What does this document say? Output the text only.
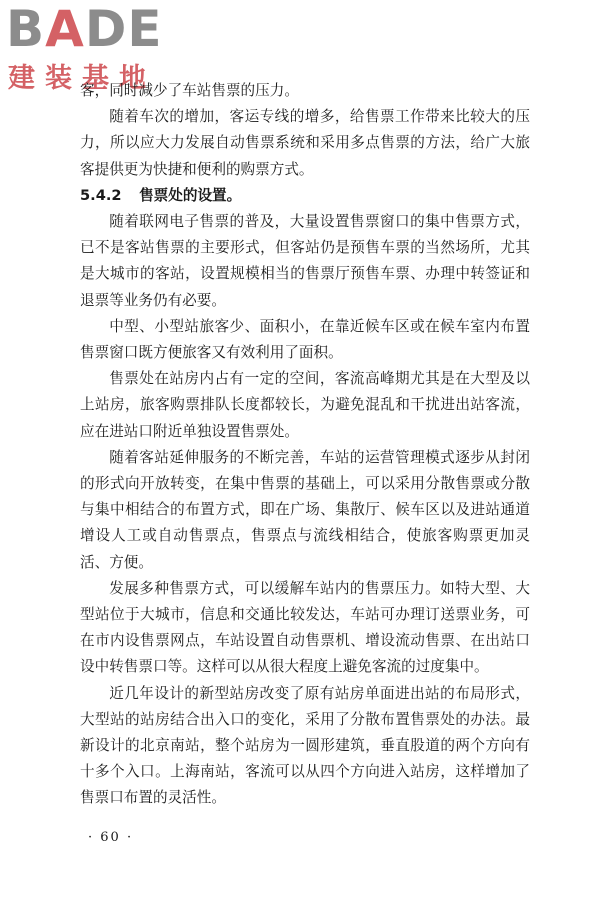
BADE
建装基地

客，同时减少了车站售票的压力。

随着车次的增加，客运专线的增多，给售票工作带来比较大的压力，所以应大力发展自动售票系统和采用多点售票的方法，给广大旅客提供更为快捷和便利的购票方式。

5.4.2 售票处的设置。

随着联网电子售票的普及，大量设置售票窗口的集中售票方式，已不是客站售票的主要形式，但客站仍是预售车票的当然场所，尤其是大城市的客站，设置规模相当的售票厅预售车票、办理中转签证和退票等业务仍有必要。

中型、小型站旅客少、面积小，在靠近候车区或在候车室内布置售票窗口既方便旅客又有效利用了面积。

售票处在站房内占有一定的空间，客流高峰期尤其是在大型及以上站房，旅客购票排队长度都较长，为避免混乱和干扰进出站客流，应在进站口附近单独设置售票处。

随着客站延伸服务的不断完善，车站的运营管理模式逐步从封闭的形式向开放转变，在集中售票的基础上，可以采用分散售票或分散与集中相结合的布置方式，即在广场、集散厅、候车区以及进站通道增设人工或自动售票点，售票点与流线相结合，使旅客购票更加灵活、方便。

发展多种售票方式，可以缓解车站内的售票压力。如特大型、大型站位于大城市，信息和交通比较发达，车站可办理订送票业务，可在市内设售票网点，车站设置自动售票机、增设流动售票、在出站口设中转售票口等。这样可以从很大程度上避免客流的过度集中。

近几年设计的新型站房改变了原有站房单面进出站的布局形式，大型站的站房结合出入口的变化，采用了分散布置售票处的办法。最新设计的北京南站，整个站房为一圆形建筑，垂直股道的两个方向有十多个入口。上海南站，客流可以从四个方向进入站房，这样增加了售票口布置的灵活性。

· 60 ·
